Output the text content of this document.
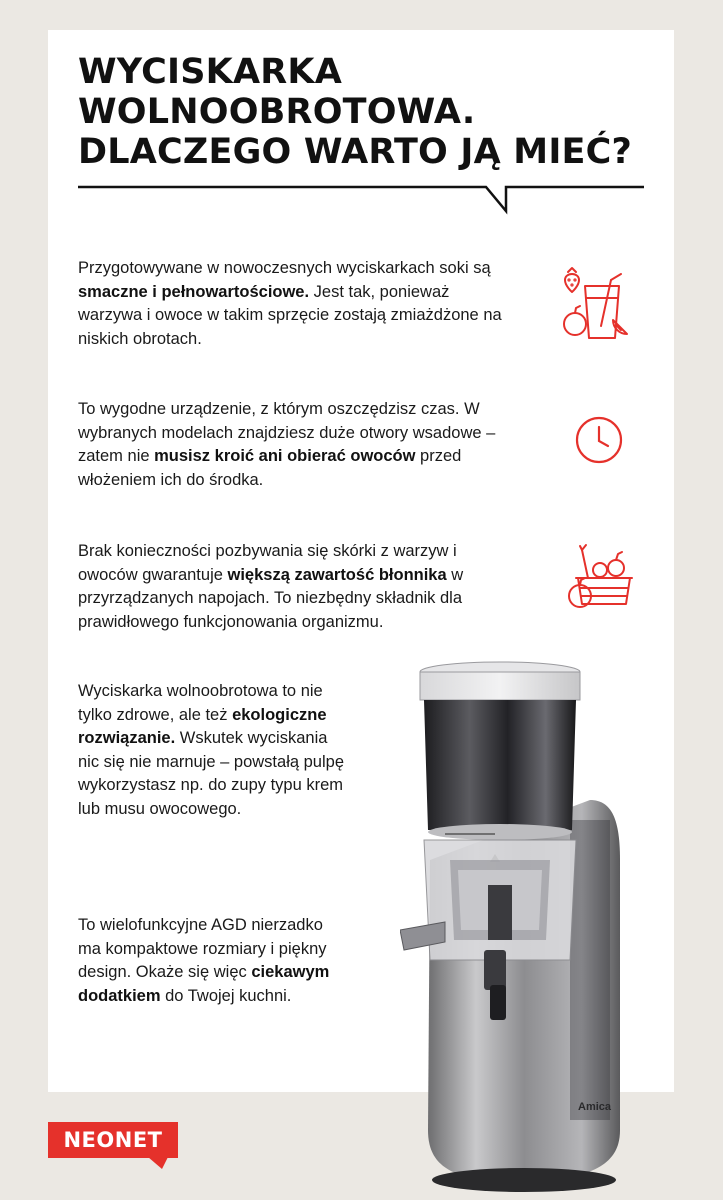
WYCISKARKA
WOLNOOBROTOWA.
DLACZEGO WARTO JĄ MIEĆ?

Przygotowywane w nowoczesnych wyciskarkach soki są smaczne i pełnowartościowe. Jest tak, ponieważ warzywa i owoce w takim sprzęcie zostają zmiażdżone na niskich obrotach.

To wygodne urządzenie, z którym oszczędzisz czas. W wybranych modelach znajdziesz duże otwory wsadowe – zatem nie musisz kroić ani obierać owoców przed włożeniem ich do środka.

Brak konieczności pozbywania się skórki z warzyw i owoców gwarantuje większą zawartość błonnika w przyrządzanych napojach. To niezbędny składnik dla prawidłowego funkcjonowania organizmu.

Wyciskarka wolnoobrotowa to nie tylko zdrowe, ale też ekologiczne rozwiązanie. Wskutek wyciskania nic się nie marnuje – powstałą pulpę wykorzystasz np. do zupy typu krem lub musu owocowego.

To wielofunkcyjne AGD nierzadko ma kompaktowe rozmiary i piękny design. Okaże się więc ciekawym dodatkiem do Twojej kuchni.

Amica
NEONET
